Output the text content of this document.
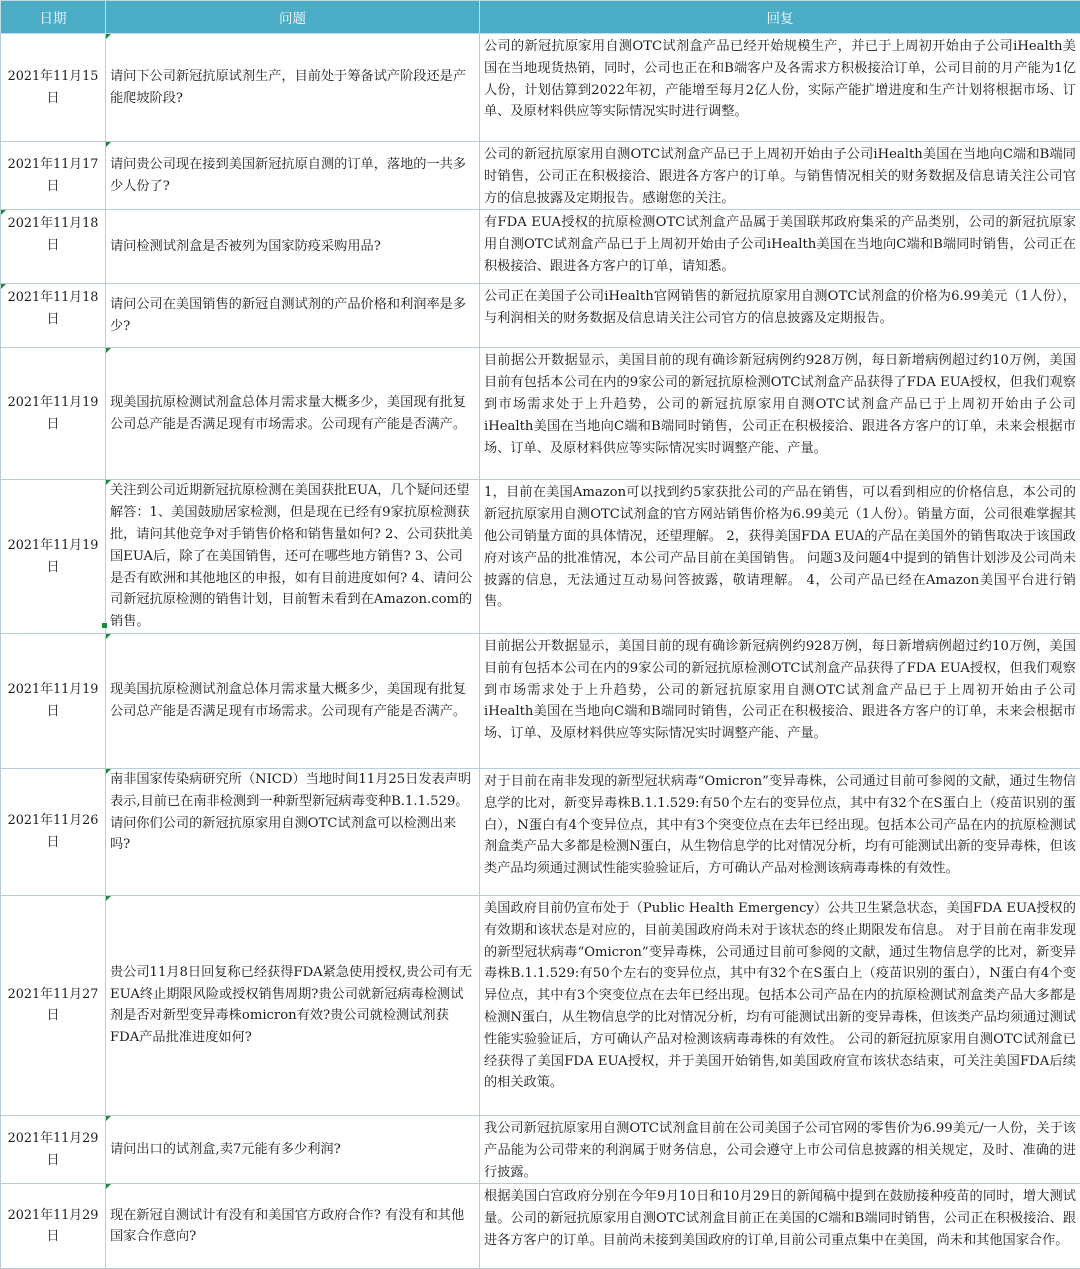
日期	问题	回复
2021年11月15日	请问下公司新冠抗原试剂生产，目前处于筹备试产阶段还是产能爬坡阶段?	公司的新冠抗原家用自测OTC试剂盒产品已经开始规模生产，并已于上周初开始由子公司iHealth美国在当地现货热销，同时，公司也正在和B端客户及各需求方积极接洽订单，公司目前的月产能为1亿人份，计划估算到2022年初，产能增至每月2亿人份，实际产能扩增进度和生产计划将根据市场、订单、及原材料供应等实际情况实时进行调整。
2021年11月17日	请问贵公司现在接到美国新冠抗原自测的订单，落地的一共多少人份了?	公司的新冠抗原家用自测OTC试剂盒产品已于上周初开始由子公司iHealth美国在当地向C端和B端同时销售，公司正在积极接洽、跟进各方客户的订单。与销售情况相关的财务数据及信息请关注公司官方的信息披露及定期报告。感谢您的关注。
2021年11月18日	请问检测试剂盒是否被列为国家防疫采购用品?	有FDA EUA授权的抗原检测OTC试剂盒产品属于美国联邦政府集采的产品类别，公司的新冠抗原家用自测OTC试剂盒产品已于上周初开始由子公司iHealth美国在当地向C端和B端同时销售，公司正在积极接洽、跟进各方客户的订单，请知悉。
2021年11月18日	请问公司在美国销售的新冠自测试剂的产品价格和利润率是多少?	公司正在美国子公司iHealth官网销售的新冠抗原家用自测OTC试剂盒的价格为6.99美元（1人份），与利润相关的财务数据及信息请关注公司官方的信息披露及定期报告。
2021年11月19日	现美国抗原检测试剂盒总体月需求量大概多少，美国现有批复公司总产能是否满足现有市场需求。公司现有产能是否满产。	目前据公开数据显示，美国目前的现有确诊新冠病例约928万例，每日新增病例超过约10万例，美国目前有包括本公司在内的9家公司的新冠抗原检测OTC试剂盒产品获得了FDA EUA授权，但我们观察到市场需求处于上升趋势，公司的新冠抗原家用自测OTC试剂盒产品已于上周初开始由子公司iHealth美国在当地向C端和B端同时销售，公司正在积极接洽、跟进各方客户的订单，未来会根据市场、订单、及原材料供应等实际情况实时调整产能、产量。
2021年11月19日	关注到公司近期新冠抗原检测在美国获批EUA，几个疑问还望解答：1、美国鼓励居家检测，但是现在已经有9家抗原检测获批，请问其他竞争对手销售价格和销售量如何? 2、公司获批美国EUA后，除了在美国销售，还可在哪些地方销售? 3、公司是否有欧洲和其他地区的申报，如有目前进度如何? 4、请问公司新冠抗原检测的销售计划，目前暂未看到在Amazon.com的销售。	1，目前在美国Amazon可以找到约5家获批公司的产品在销售，可以看到相应的价格信息，本公司的新冠抗原家用自测OTC试剂盒的官方网站销售价格为6.99美元（1人份）。销量方面，公司很难掌握其他公司销量方面的具体情况，还望理解。 2，获得美国FDA EUA的产品在美国外的销售取决于该国政府对该产品的批准情况，本公司产品目前在美国销售。 问题3及问题4中提到的销售计划涉及公司尚未披露的信息，无法通过互动易问答披露，敬请理解。 4，公司产品已经在Amazon美国平台进行销售。
2021年11月19日	现美国抗原检测试剂盒总体月需求量大概多少，美国现有批复公司总产能是否满足现有市场需求。公司现有产能是否满产。	目前据公开数据显示，美国目前的现有确诊新冠病例约928万例，每日新增病例超过约10万例，美国目前有包括本公司在内的9家公司的新冠抗原检测OTC试剂盒产品获得了FDA EUA授权，但我们观察到市场需求处于上升趋势，公司的新冠抗原家用自测OTC试剂盒产品已于上周初开始由子公司iHealth美国在当地向C端和B端同时销售，公司正在积极接洽、跟进各方客户的订单，未来会根据市场、订单、及原材料供应等实际情况实时调整产能、产量。
2021年11月26日	南非国家传染病研究所（NICD）当地时间11月25日发表声明表示,目前已在南非检测到一种新型新冠病毒变种B.1.1.529。请问你们公司的新冠抗原家用自测OTC试剂盒可以检测出来吗?	对于目前在南非发现的新型冠状病毒“Omicron”变异毒株，公司通过目前可参阅的文献，通过生物信息学的比对，新变异毒株B.1.1.529:有50个左右的变异位点，其中有32个在S蛋白上（疫苗识别的蛋白），N蛋白有4个变异位点，其中有3个突变位点在去年已经出现。包括本公司产品在内的抗原检测试剂盒类产品大多都是检测N蛋白，从生物信息学的比对情况分析，均有可能测试出新的变异毒株，但该类产品均须通过测试性能实验验证后，方可确认产品对检测该病毒毒株的有效性。
2021年11月27日	贵公司11月8日回复称已经获得FDA紧急使用授权,贵公司有无EUA终止期限风险或授权销售周期?贵公司就新冠病毒检测试剂是否对新型变异毒株omicron有效?贵公司就检测试剂获FDA产品批准进度如何?	美国政府目前仍宣布处于（Public Health Emergency）公共卫生紧急状态，美国FDA EUA授权的有效期和该状态是对应的，目前美国政府尚未对于该状态的终止期限发布信息。 对于目前在南非发现的新型冠状病毒“Omicron”变异毒株，公司通过目前可参阅的文献，通过生物信息学的比对，新变异毒株B.1.1.529:有50个左右的变异位点，其中有32个在S蛋白上（疫苗识别的蛋白），N蛋白有4个变异位点，其中有3个突变位点在去年已经出现。包括本公司产品在内的抗原检测试剂盒类产品大多都是检测N蛋白，从生物信息学的比对情况分析，均有可能测试出新的变异毒株，但该类产品均须通过测试性能实验验证后，方可确认产品对检测该病毒毒株的有效性。 公司的新冠抗原家用自测OTC试剂盒已经获得了美国FDA EUA授权，并于美国开始销售,如美国政府宣布该状态结束，可关注美国FDA后续的相关政策。
2021年11月29日	请问出口的试剂盒,卖7元能有多少利润?	我公司新冠抗原家用自测OTC试剂盒目前在公司美国子公司官网的零售价为6.99美元/一人份，关于该产品能为公司带来的利润属于财务信息，公司会遵守上市公司信息披露的相关规定，及时、准确的进行披露。
2021年11月29日	现在新冠自测试计有没有和美国官方政府合作? 有没有和其他国家合作意向?	根据美国白宫政府分别在今年9月10日和10月29日的新闻稿中提到在鼓励接种疫苗的同时，增大测试量。公司的新冠抗原家用自测OTC试剂盒目前正在美国的C端和B端同时销售，公司正在积极接洽、跟进各方客户的订单。目前尚未接到美国政府的订单,目前公司重点集中在美国，尚未和其他国家合作。
